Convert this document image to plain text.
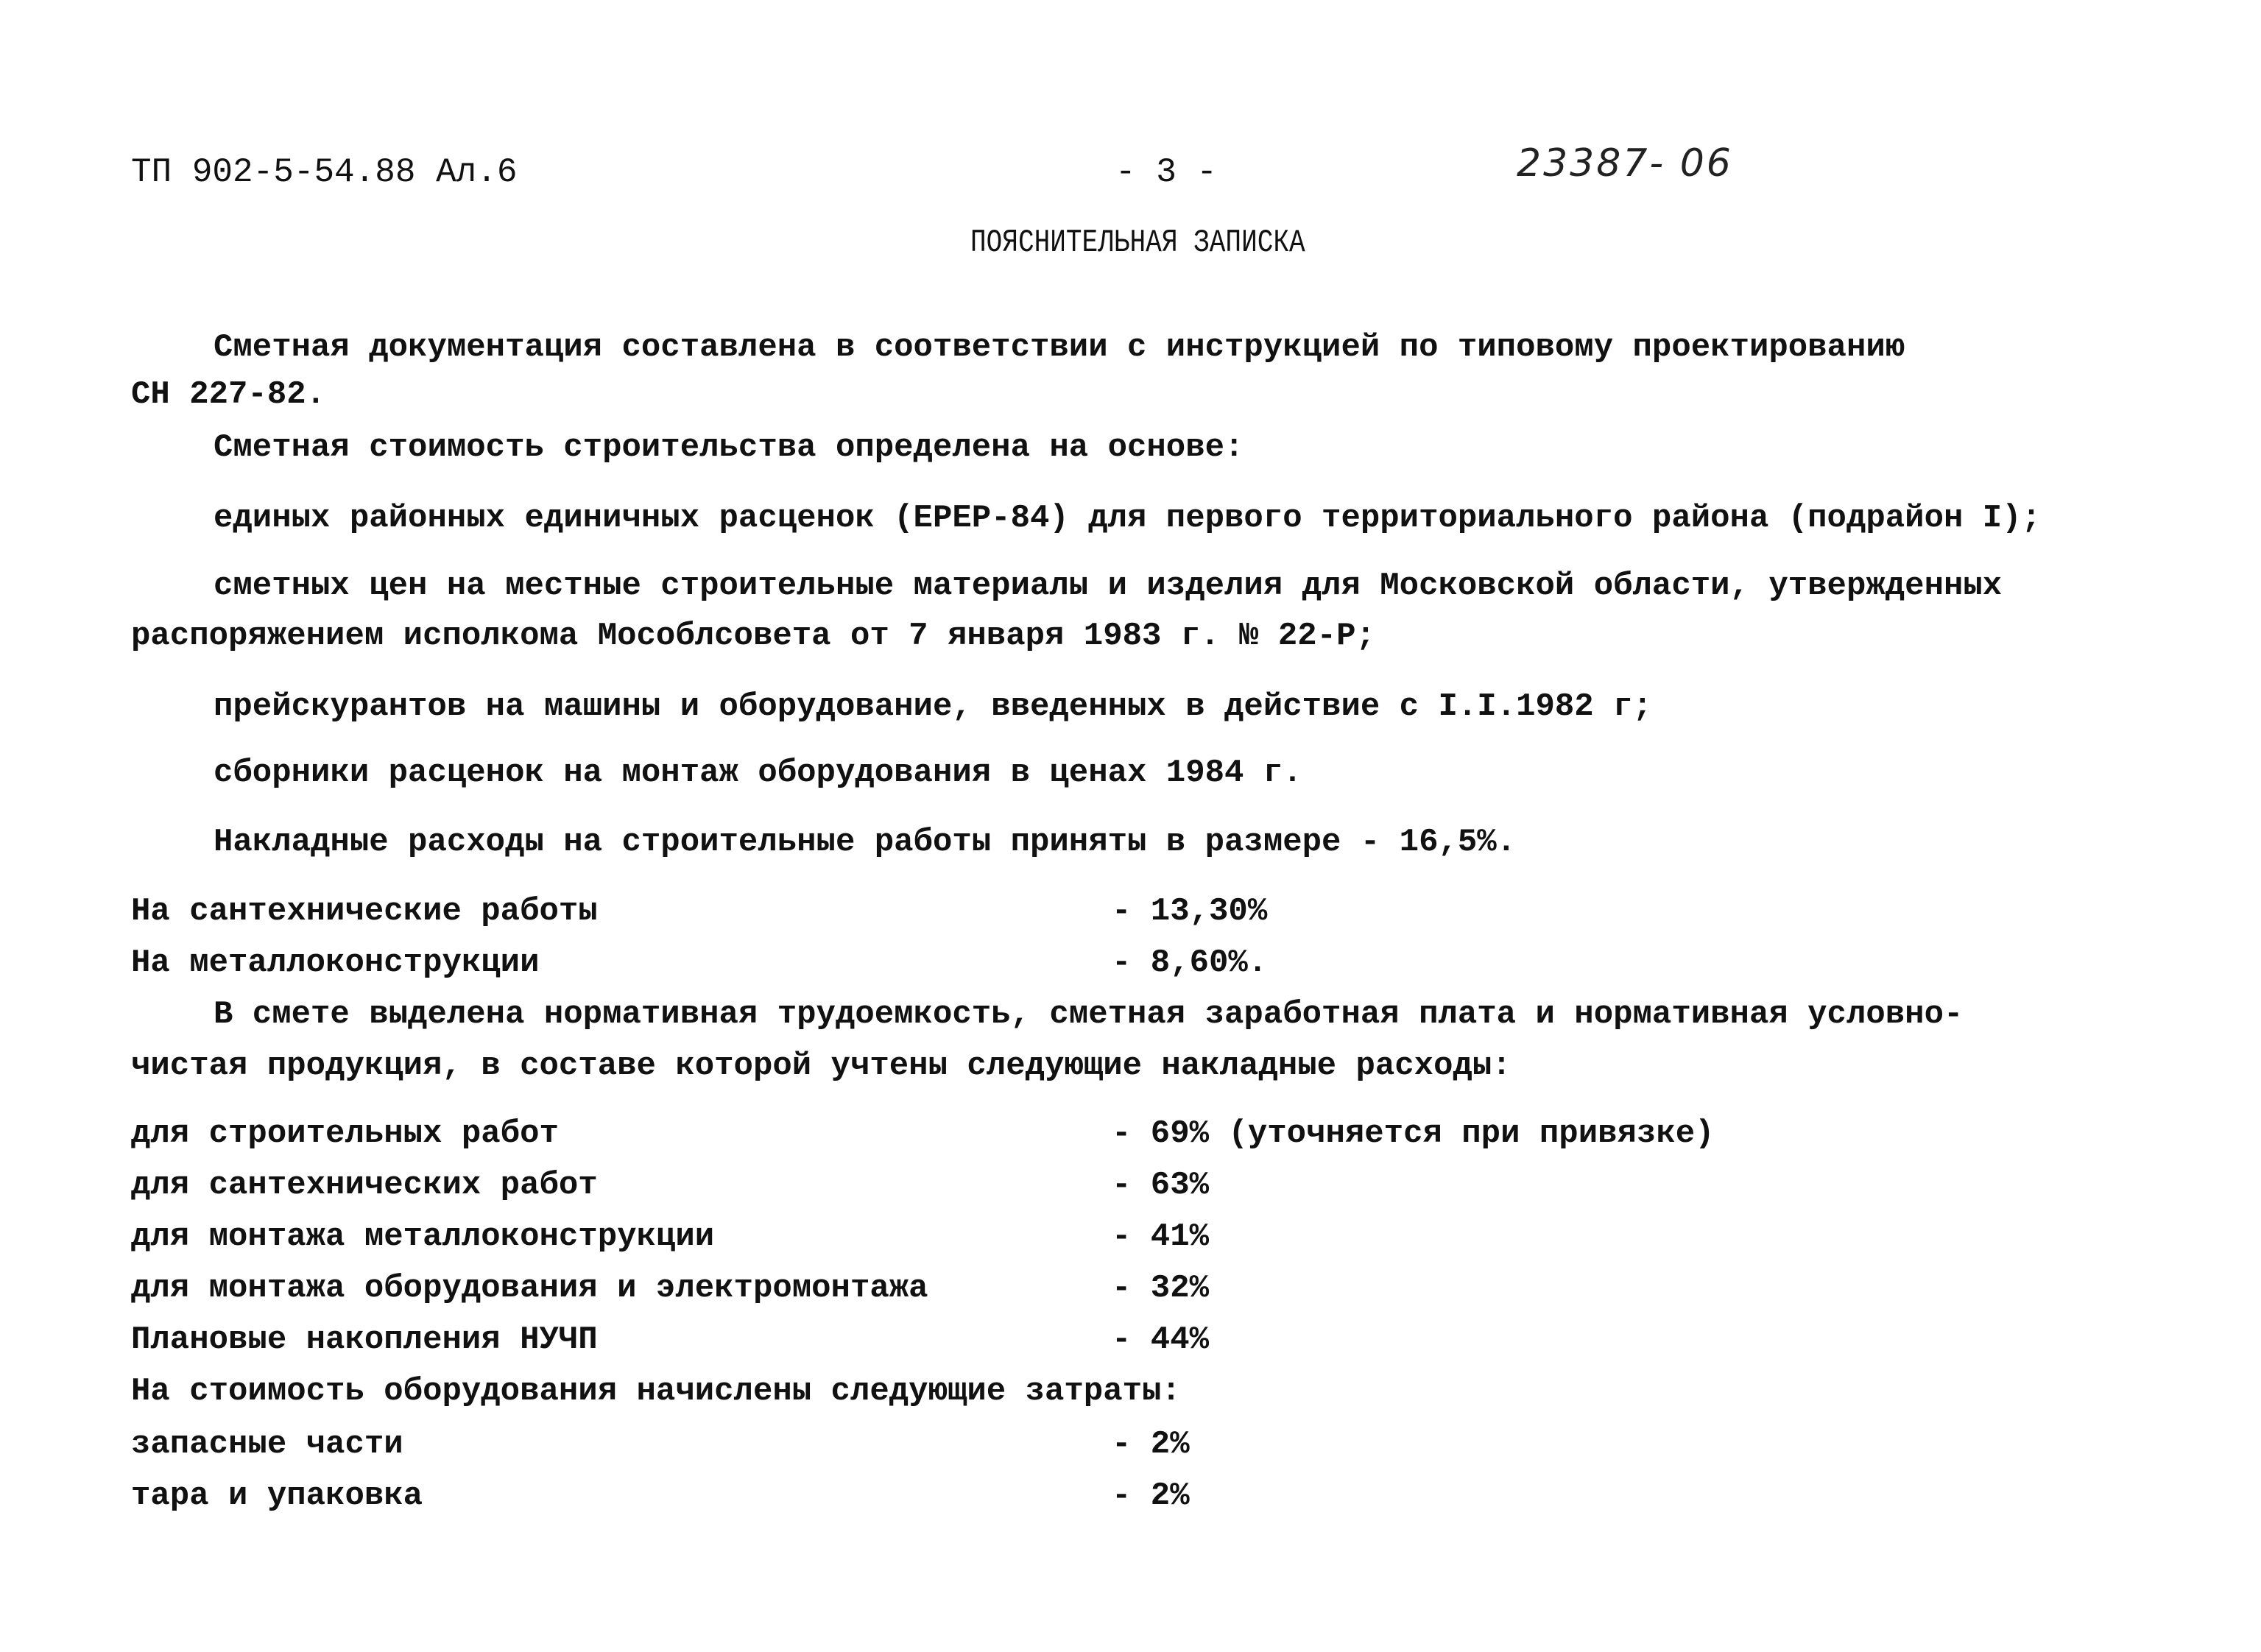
ТП 902-5-54.88 Ал.6	- 3 -	23387- 06
ПОЯСНИТЕЛЬНАЯ ЗАПИСКА
Сметная документация составлена в соответствии с инструкцией по типовому проектированию
СН 227-82.
Сметная стоимость строительства определена на основе:
единых районных единичных расценок (ЕРЕР-84) для первого территориального района (подрайон I);
сметных цен на местные строительные материалы и изделия для Московской области, утвержденных
распоряжением исполкома Мособлсовета от 7 января 1983 г. № 22-Р;
прейскурантов на машины и оборудование, введенных в действие с I.I.1982 г;
сборники расценок на монтаж оборудования в ценах 1984 г.
Накладные расходы на строительные работы приняты в размере - 16,5%.
На сантехнические работы	- 13,30%
На металлоконструкции	- 8,60%.
В смете выделена нормативная трудоемкость, сметная заработная плата и нормативная условно-
чистая продукция, в составе которой учтены следующие накладные расходы:
для строительных работ	- 69% (уточняется при привязке)
для сантехнических работ	- 63%
для монтажа металлоконструкции	- 41%
для монтажа оборудования и электромонтажа	- 32%
Плановые накопления НУЧП	- 44%
На стоимость оборудования начислены следующие затраты:
запасные части	- 2%
тара и упаковка	- 2%
